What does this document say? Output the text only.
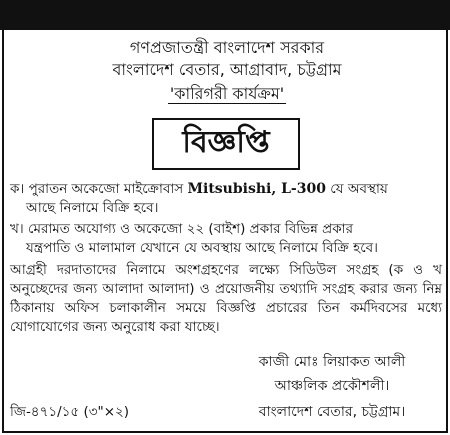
গণপ্রজাতন্ত্রী বাংলাদেশ সরকার
বাংলাদেশ বেতার, আগ্রাবাদ, চট্টগ্রাম
'কারিগরী কার্যক্রম'
বিজ্ঞপ্তি
ক। পুরাতন অকেজো মাইক্রোবাস Mitsubishi, L-300 যে অবস্থায়
আছে নিলামে বিক্রি হবে।
খ। মেরামত অযোগ্য ও অকেজো ২২ (বাইশ) প্রকার বিভিন্ন প্রকার
যন্ত্রপাতি ও মালামাল যেখানে যে অবস্থায় আছে নিলামে বিক্রি হবে।
আগ্রহী দরদাতাদের নিলামে অংশগ্রহণের লক্ষ্যে সিডিউল সংগ্রহ (ক ও খ অনুচ্ছেদের জন্য আলাদা আলাদা) ও প্রয়োজনীয় তথ্যাদি সংগ্রহ করার জন্য নিম্ন ঠিকানায় অফিস চলাকালীন সময়ে বিজ্ঞপ্তি প্রচারের তিন কর্মদিবসের মধ্যে যোগাযোগের জন্য অনুরোধ করা যাচ্ছে।
কাজী মোঃ লিয়াকত আলী
আঞ্চলিক প্রকৌশলী।
বাংলাদেশ বেতার, চট্টগ্রাম।
জি-৪৭১/১৫ (৩"×২)
